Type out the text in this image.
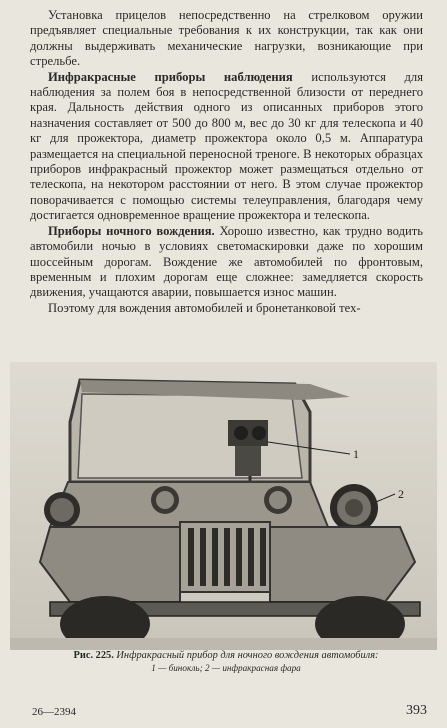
Установка прицелов непосредственно на стрелковом оружии предъявляет специальные требования к их конструкции, так как они должны выдерживать механические нагрузки, возникающие при стрельбе.

Инфракрасные приборы наблюдения используются для наблюдения за полем боя в непосредственной близости от переднего края. Дальность действия одного из описанных приборов этого назначения составляет от 500 до 800 м, вес до 30 кг для телескопа и 40 кг для прожектора, диаметр прожектора около 0,5 м. Аппаратура размещается на специальной переносной треноге. В некоторых образцах приборов инфракрасный прожектор может размещаться отдельно от телескопа, на некотором расстоянии от него. В этом случае прожектор поворачивается с помощью системы телеуправления, благодаря чему достигается одновременное вращение прожектора и телескопа.

Приборы ночного вождения. Хорошо известно, как трудно водить автомобили ночью в условиях светомаскировки даже по хорошим шоссейным дорогам. Вождение же автомобилей по фронтовым, временным и плохим дорогам еще сложнее: замедляется скорость движения, учащаются аварии, повышается износ машин.

Поэтому для вождения автомобилей и бронетанковой тех-

1
2
Рис. 225. Инфракрасный прибор для ночного вождения автомобиля:
1 — бинокль; 2 — инфракрасная фара
26—2394	393
